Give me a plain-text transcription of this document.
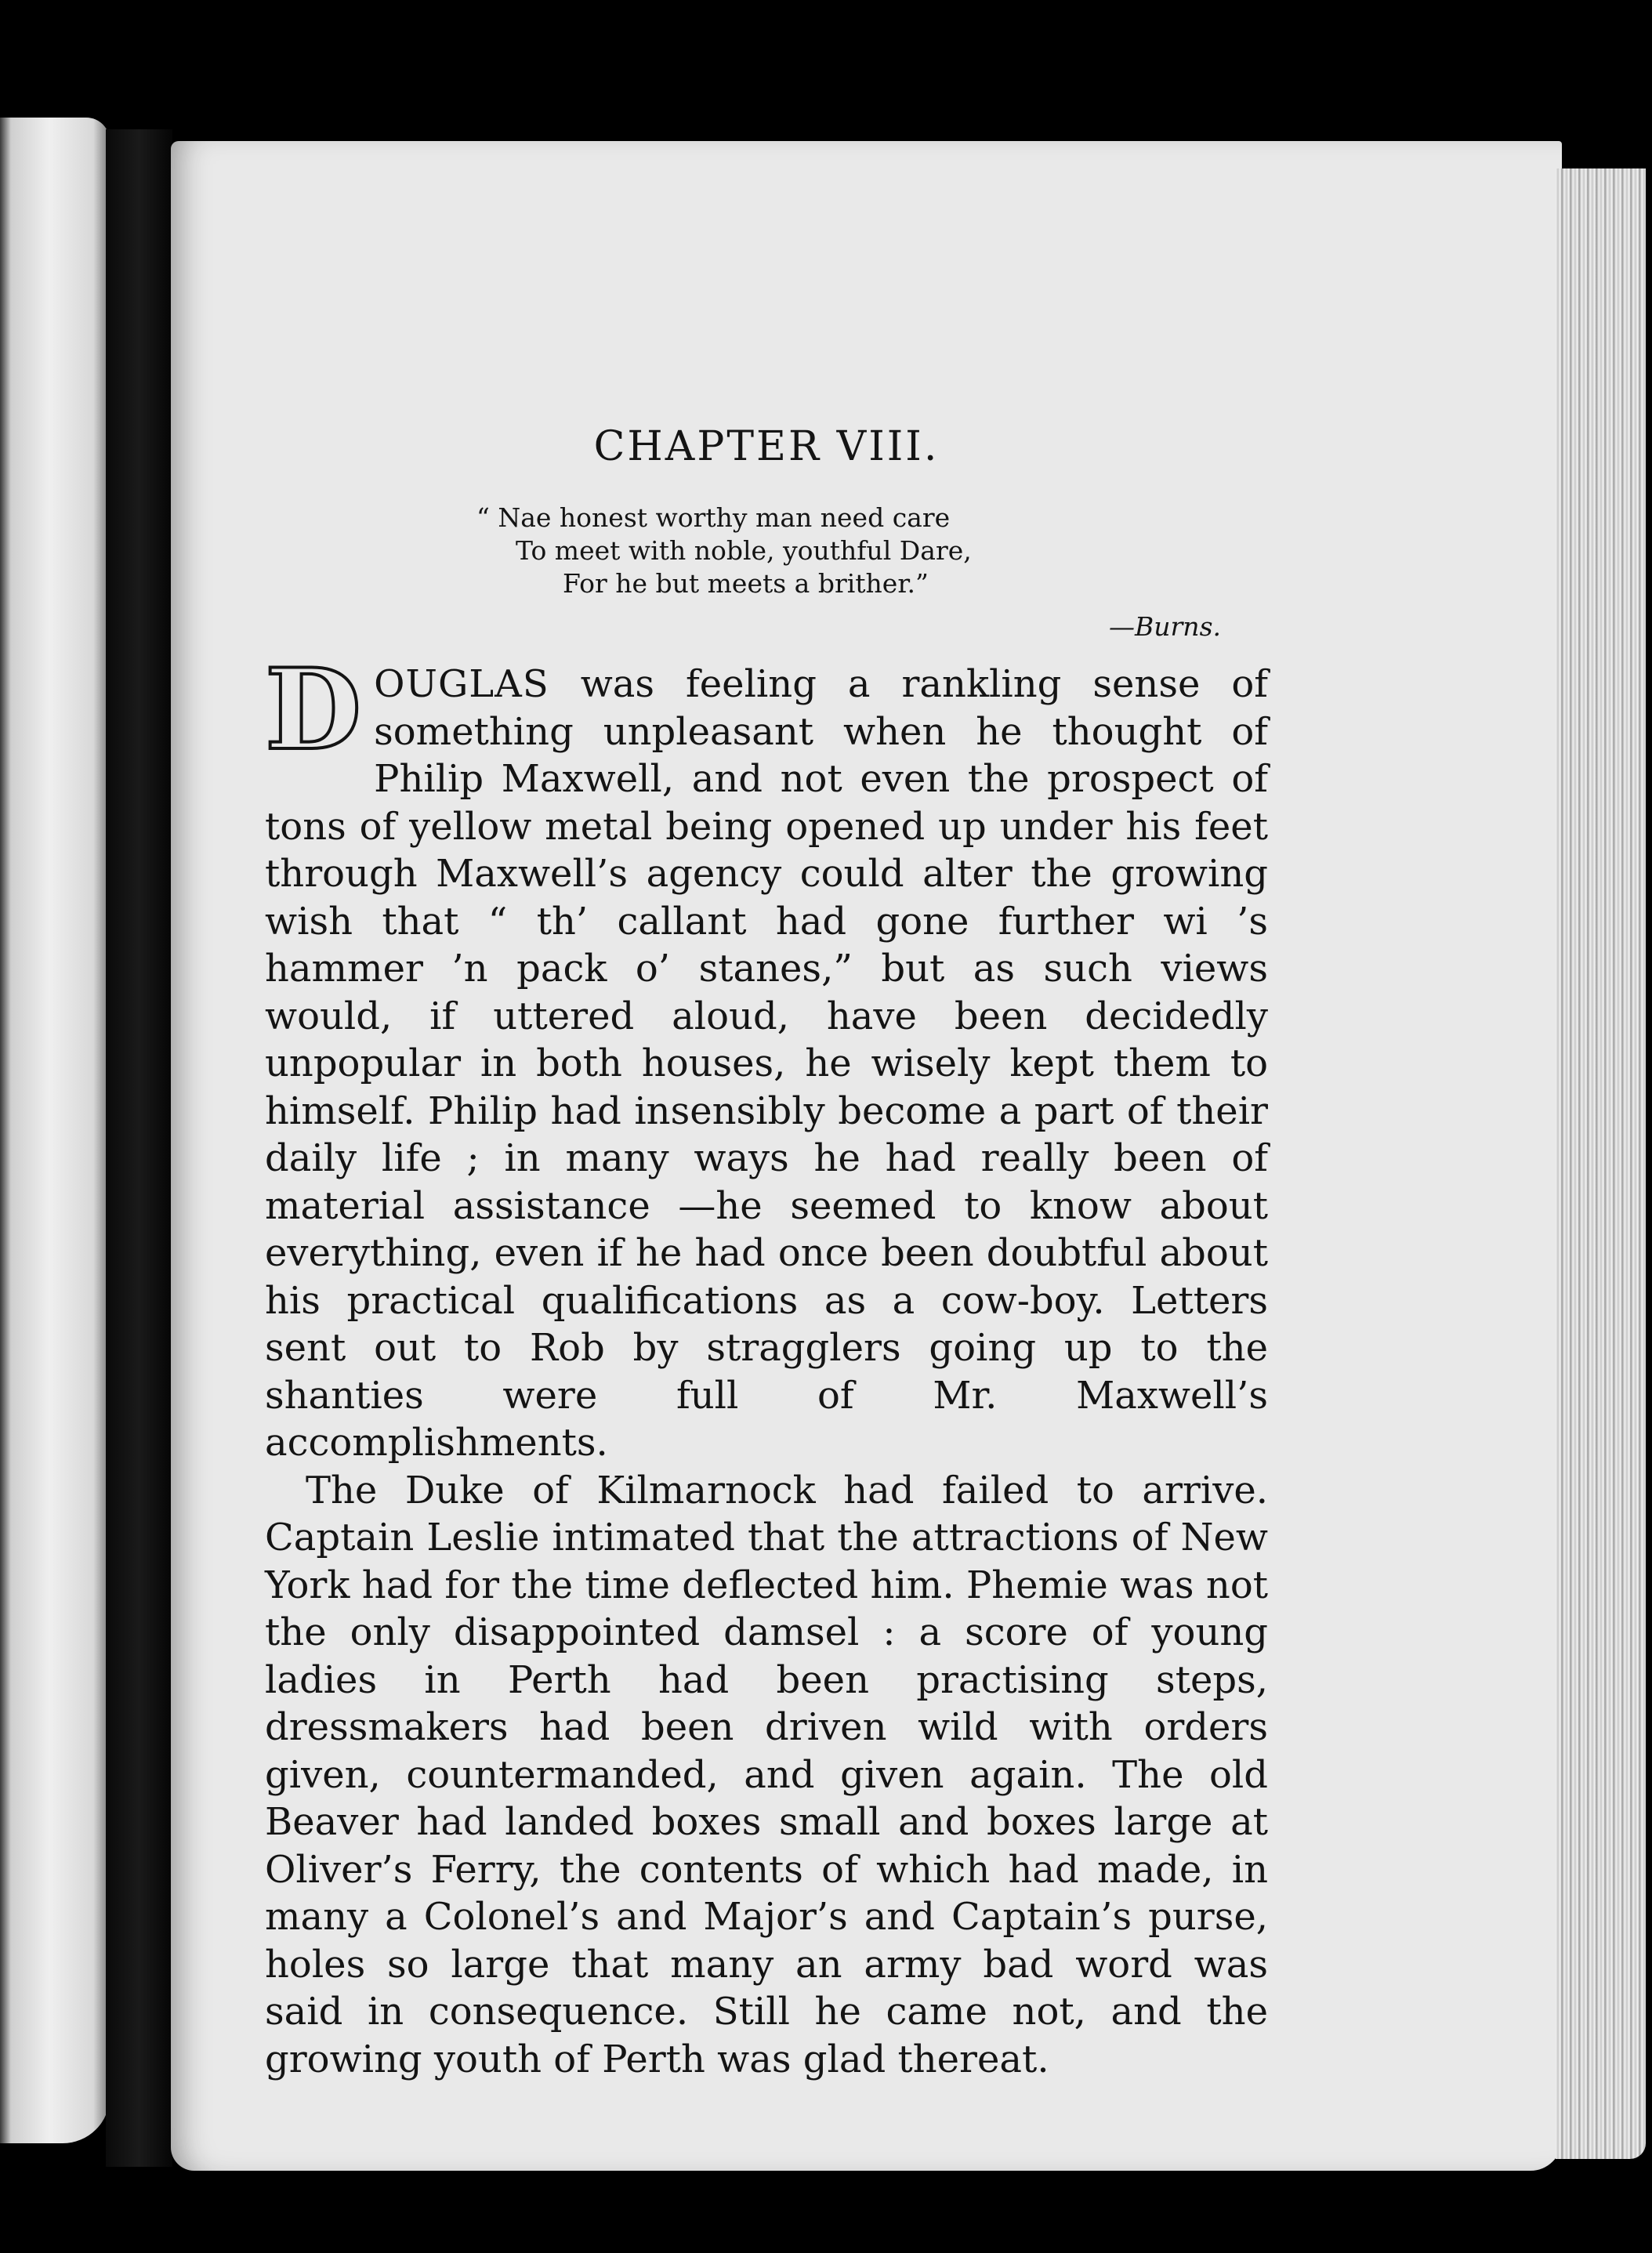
CHAPTER VIII.
“ Nae honest worthy man need care
To meet with noble, youthful Dare,
For he but meets a brither.”
—Burns.

DOUGLAS was feeling a rankling sense of something unpleasant when he thought of Philip Maxwell, and not even the prospect of tons of yellow metal being opened up under his feet through Maxwell’s agency could alter the growing wish that “ th’ callant had gone further wi ’s hammer ’n pack o’ stanes,” but as such views would, if uttered aloud, have been decidedly unpopular in both houses, he wisely kept them to himself. Philip had insensibly become a part of their daily life ; in many ways he had really been of material assistance —he seemed to know about everything, even if he had once been doubtful about his practical qualifications as a cow-boy. Letters sent out to Rob by stragglers going up to the shanties were full of Mr. Maxwell’s accomplishments.

The Duke of Kilmarnock had failed to arrive. Captain Leslie intimated that the attractions of New York had for the time deflected him. Phemie was not the only disappointed damsel : a score of young ladies in Perth had been practising steps, dressmakers had been driven wild with orders given, countermanded, and given again. The old Beaver had landed boxes small and boxes large at Oliver’s Ferry, the contents of which had made, in many a Colonel’s and Major’s and Captain’s purse, holes so large that many an army bad word was said in consequence. Still he came not, and the growing youth of Perth was glad thereat.
